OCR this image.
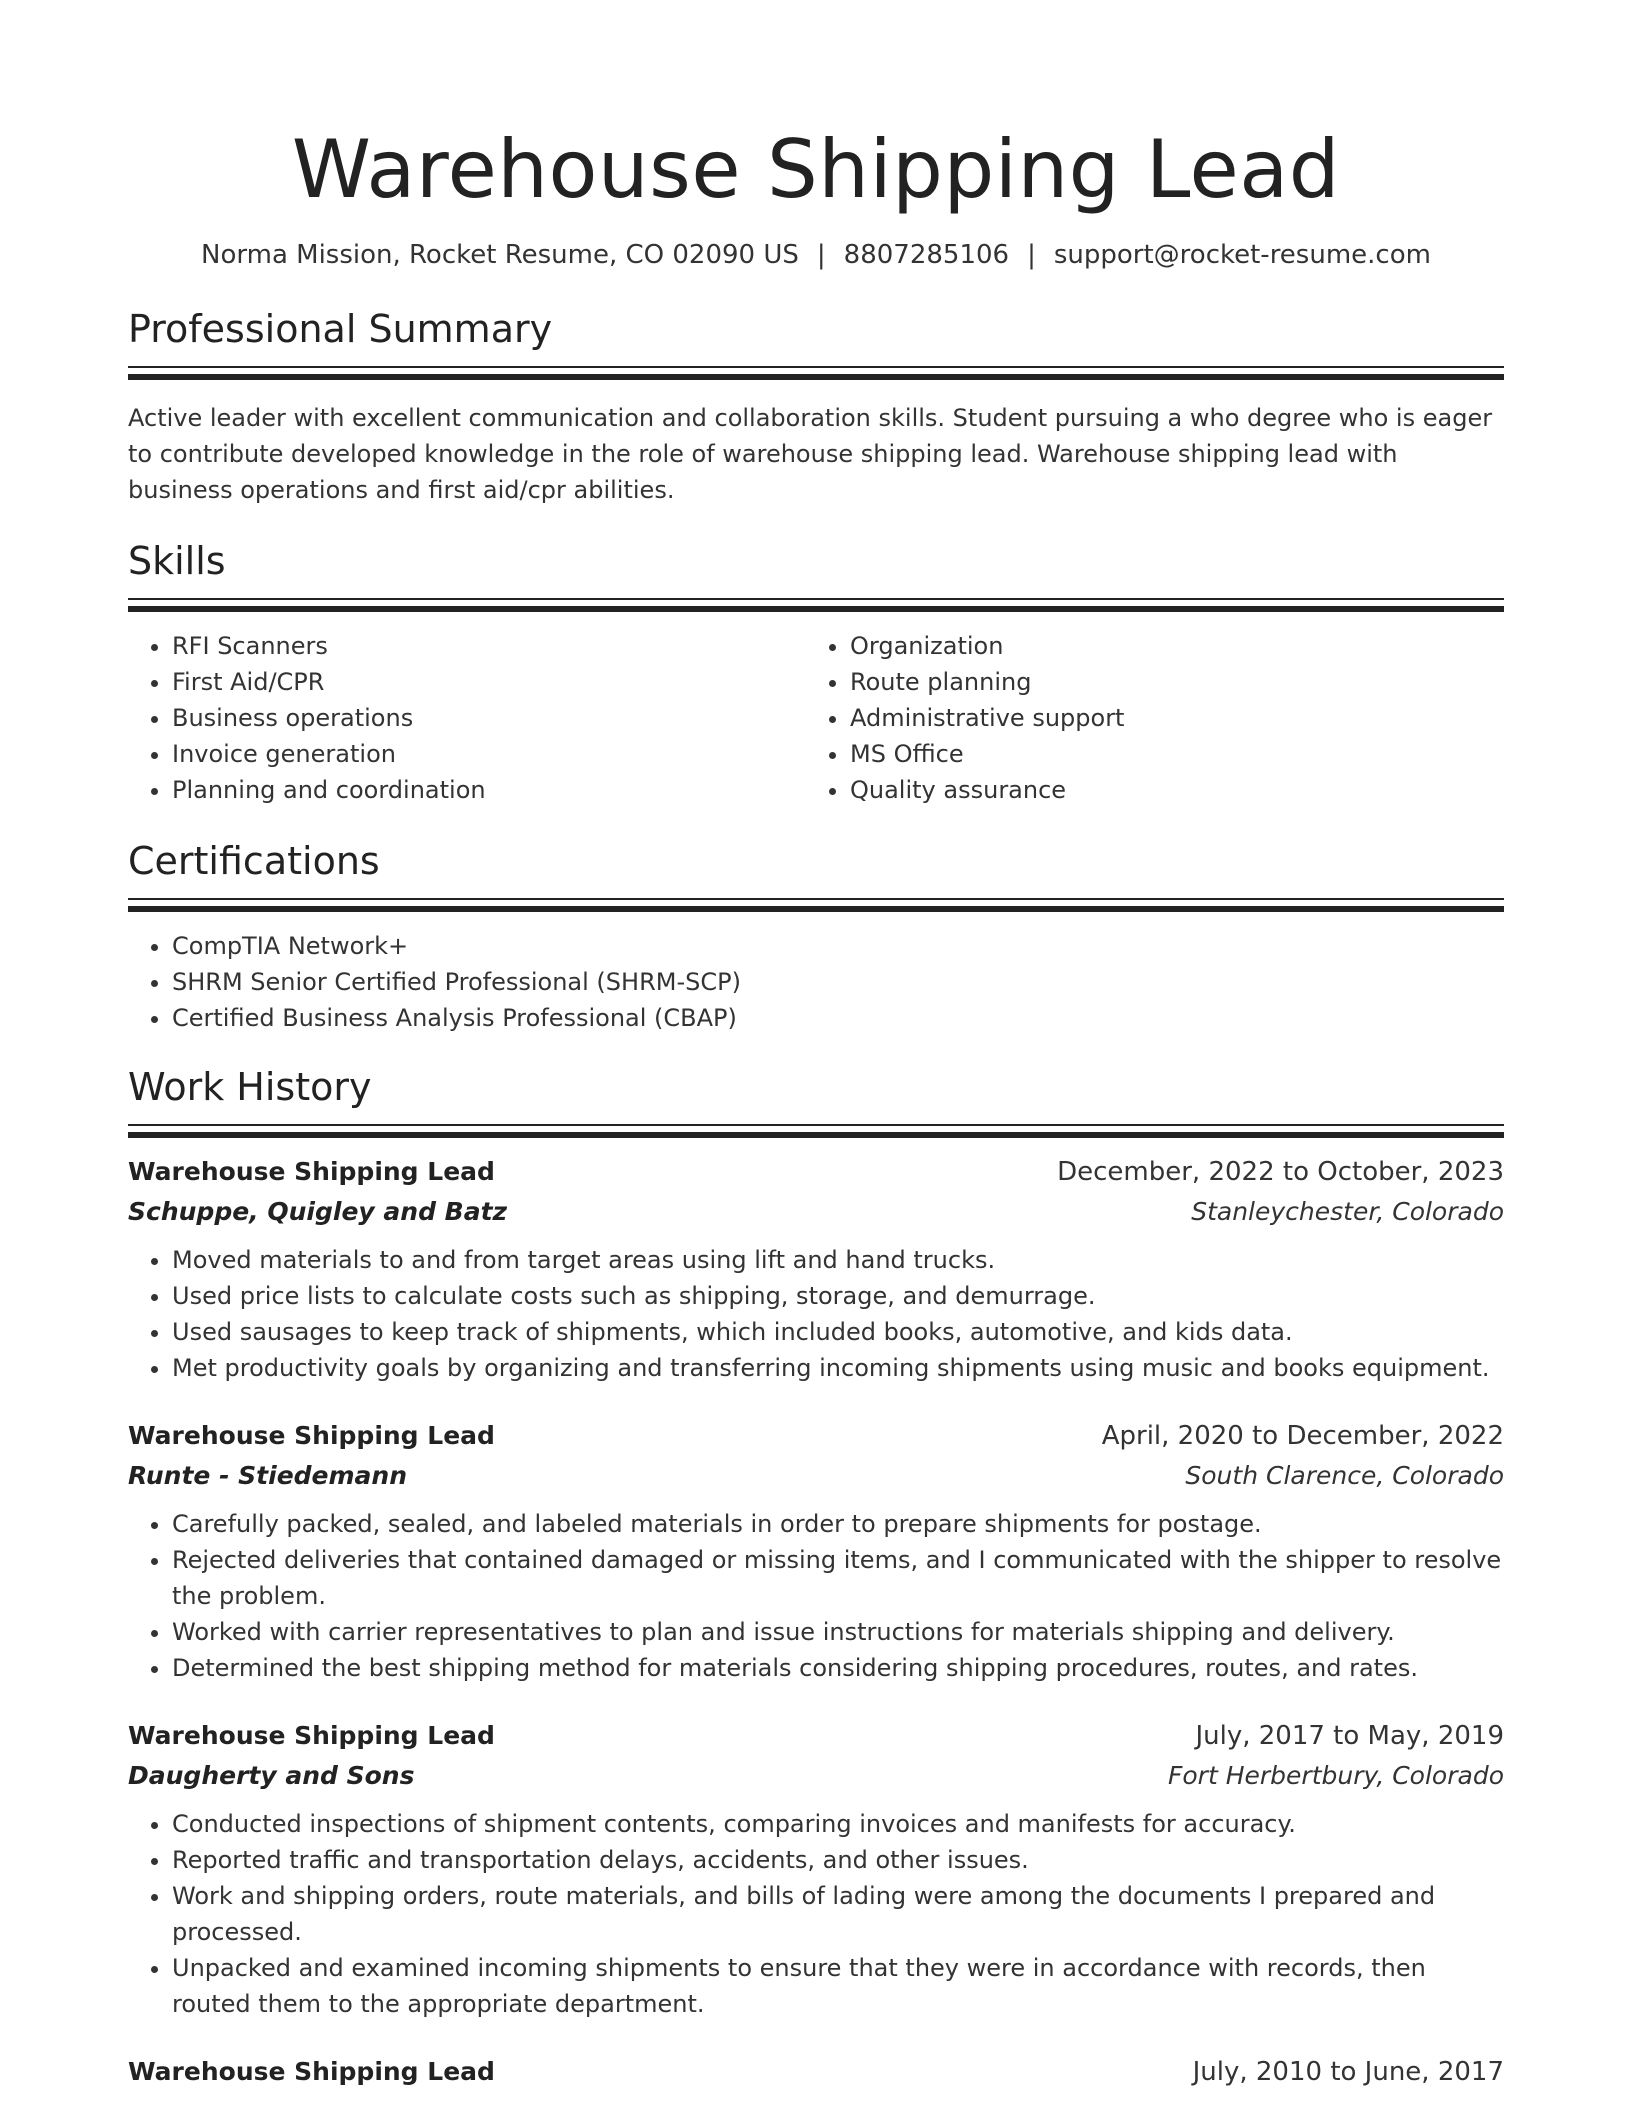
Warehouse Shipping Lead
Norma Mission, Rocket Resume, CO 02090 US | 8807285106 | support@rocket-resume.com
Professional Summary
Active leader with excellent communication and collaboration skills. Student pursuing a who degree who is eager to contribute developed knowledge in the role of warehouse shipping lead. Warehouse shipping lead with business operations and first aid/cpr abilities.
Skills
• RFI Scanners
• First Aid/CPR
• Business operations
• Invoice generation
• Planning and coordination
• Organization
• Route planning
• Administrative support
• MS Office
• Quality assurance
Certifications
• CompTIA Network+
• SHRM Senior Certified Professional (SHRM-SCP)
• Certified Business Analysis Professional (CBAP)
Work History
Warehouse Shipping Lead	December, 2022 to October, 2023
Schuppe, Quigley and Batz	Stanleychester, Colorado
• Moved materials to and from target areas using lift and hand trucks.
• Used price lists to calculate costs such as shipping, storage, and demurrage.
• Used sausages to keep track of shipments, which included books, automotive, and kids data.
• Met productivity goals by organizing and transferring incoming shipments using music and books equipment.
Warehouse Shipping Lead	April, 2020 to December, 2022
Runte - Stiedemann	South Clarence, Colorado
• Carefully packed, sealed, and labeled materials in order to prepare shipments for postage.
• Rejected deliveries that contained damaged or missing items, and I communicated with the shipper to resolve the problem.
• Worked with carrier representatives to plan and issue instructions for materials shipping and delivery.
• Determined the best shipping method for materials considering shipping procedures, routes, and rates.
Warehouse Shipping Lead	July, 2017 to May, 2019
Daugherty and Sons	Fort Herbertbury, Colorado
• Conducted inspections of shipment contents, comparing invoices and manifests for accuracy.
• Reported traffic and transportation delays, accidents, and other issues.
• Work and shipping orders, route materials, and bills of lading were among the documents I prepared and processed.
• Unpacked and examined incoming shipments to ensure that they were in accordance with records, then routed them to the appropriate department.
Warehouse Shipping Lead	July, 2010 to June, 2017
